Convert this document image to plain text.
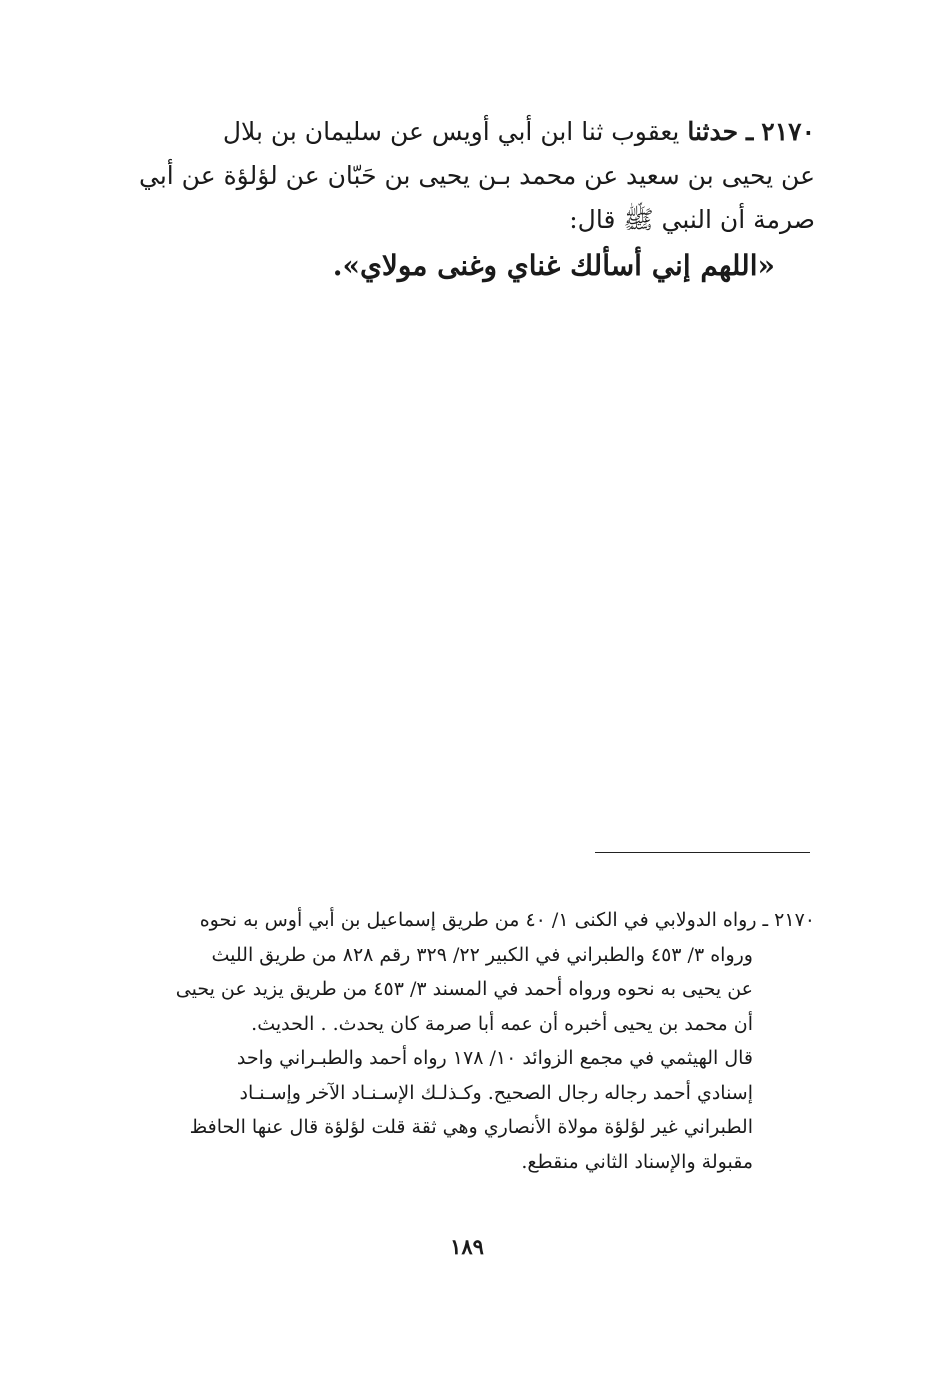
٢١٧٠ ـ حدثنا يعقوب ثنا ابن أبي أويس عن سليمان بن بلال
عن يحيى بن سعيد عن محمد بـن يحيى بن حَبّان عن لؤلؤة عن أبي
صرمة أن النبي ﷺ قال:
«اللهم إني أسألك غناي وغنى مولاي».
٢١٧٠ ـ رواه الدولابي في الكنى ١/ ٤٠ من طريق إسماعيل بن أبي أوس به نحوه
ورواه ٣/ ٤٥٣ والطبراني في الكبير ٢٢/ ٣٢٩ رقم ٨٢٨ من طريق الليث
عن يحيى به نحوه ورواه أحمد في المسند ٣/ ٤٥٣ من طريق يزيد عن يحيى
أن محمد بن يحيى أخبره أن عمه أبا صرمة كان يحدث. . الحديث.
قال الهيثمي في مجمع الزوائد ١٠/ ١٧٨ رواه أحمد والطبـراني واحد
إسنادي أحمد رجاله رجال الصحيح. وكـذلـك الإسـنـاد الآخر وإسـنـاد
الطبراني غير لؤلؤة مولاة الأنصاري وهي ثقة قلت لؤلؤة قال عنها الحافظ
مقبولة والإسناد الثاني منقطع.
١٨٩
